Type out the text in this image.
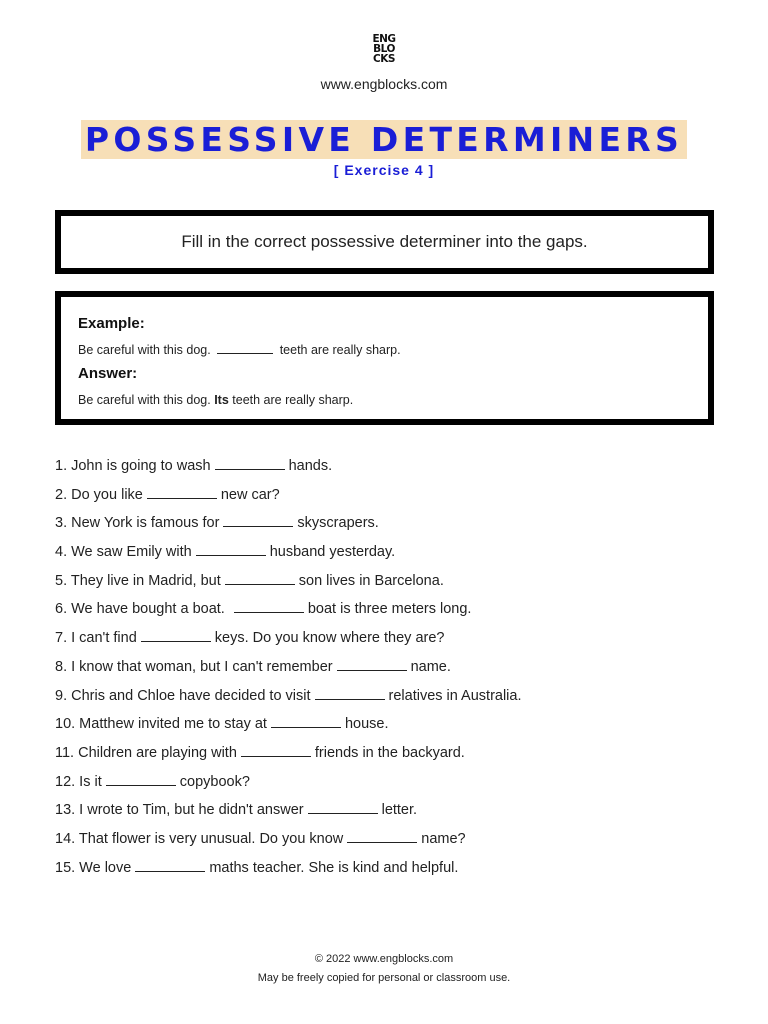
ENG
BLO
CKS
www.engblocks.com
POSSESSIVE DETERMINERS
[ Exercise 4 ]
Fill in the correct possessive determiner into the gaps.
Example:
Be careful with this dog.	teeth are really sharp.
Answer:
Be careful with this dog. Its teeth are really sharp.
1. John is going to wash	hands.
2. Do you like	new car?
3. New York is famous for	skyscrapers.
4. We saw Emily with	husband yesterday.
5. They live in Madrid, but	son lives in Barcelona.
6. We have bought a boat.	boat is three meters long.
7. I can't find	keys. Do you know where they are?
8. I know that woman, but I can't remember	name.
9. Chris and Chloe have decided to visit	relatives in Australia.
10. Matthew invited me to stay at	house.
11. Children are playing with	friends in the backyard.
12. Is it	copybook?
13. I wrote to Tim, but he didn't answer	letter.
14. That flower is very unusual. Do you know	name?
15. We love	maths teacher. She is kind and helpful.
© 2022 www.engblocks.com
May be freely copied for personal or classroom use.
